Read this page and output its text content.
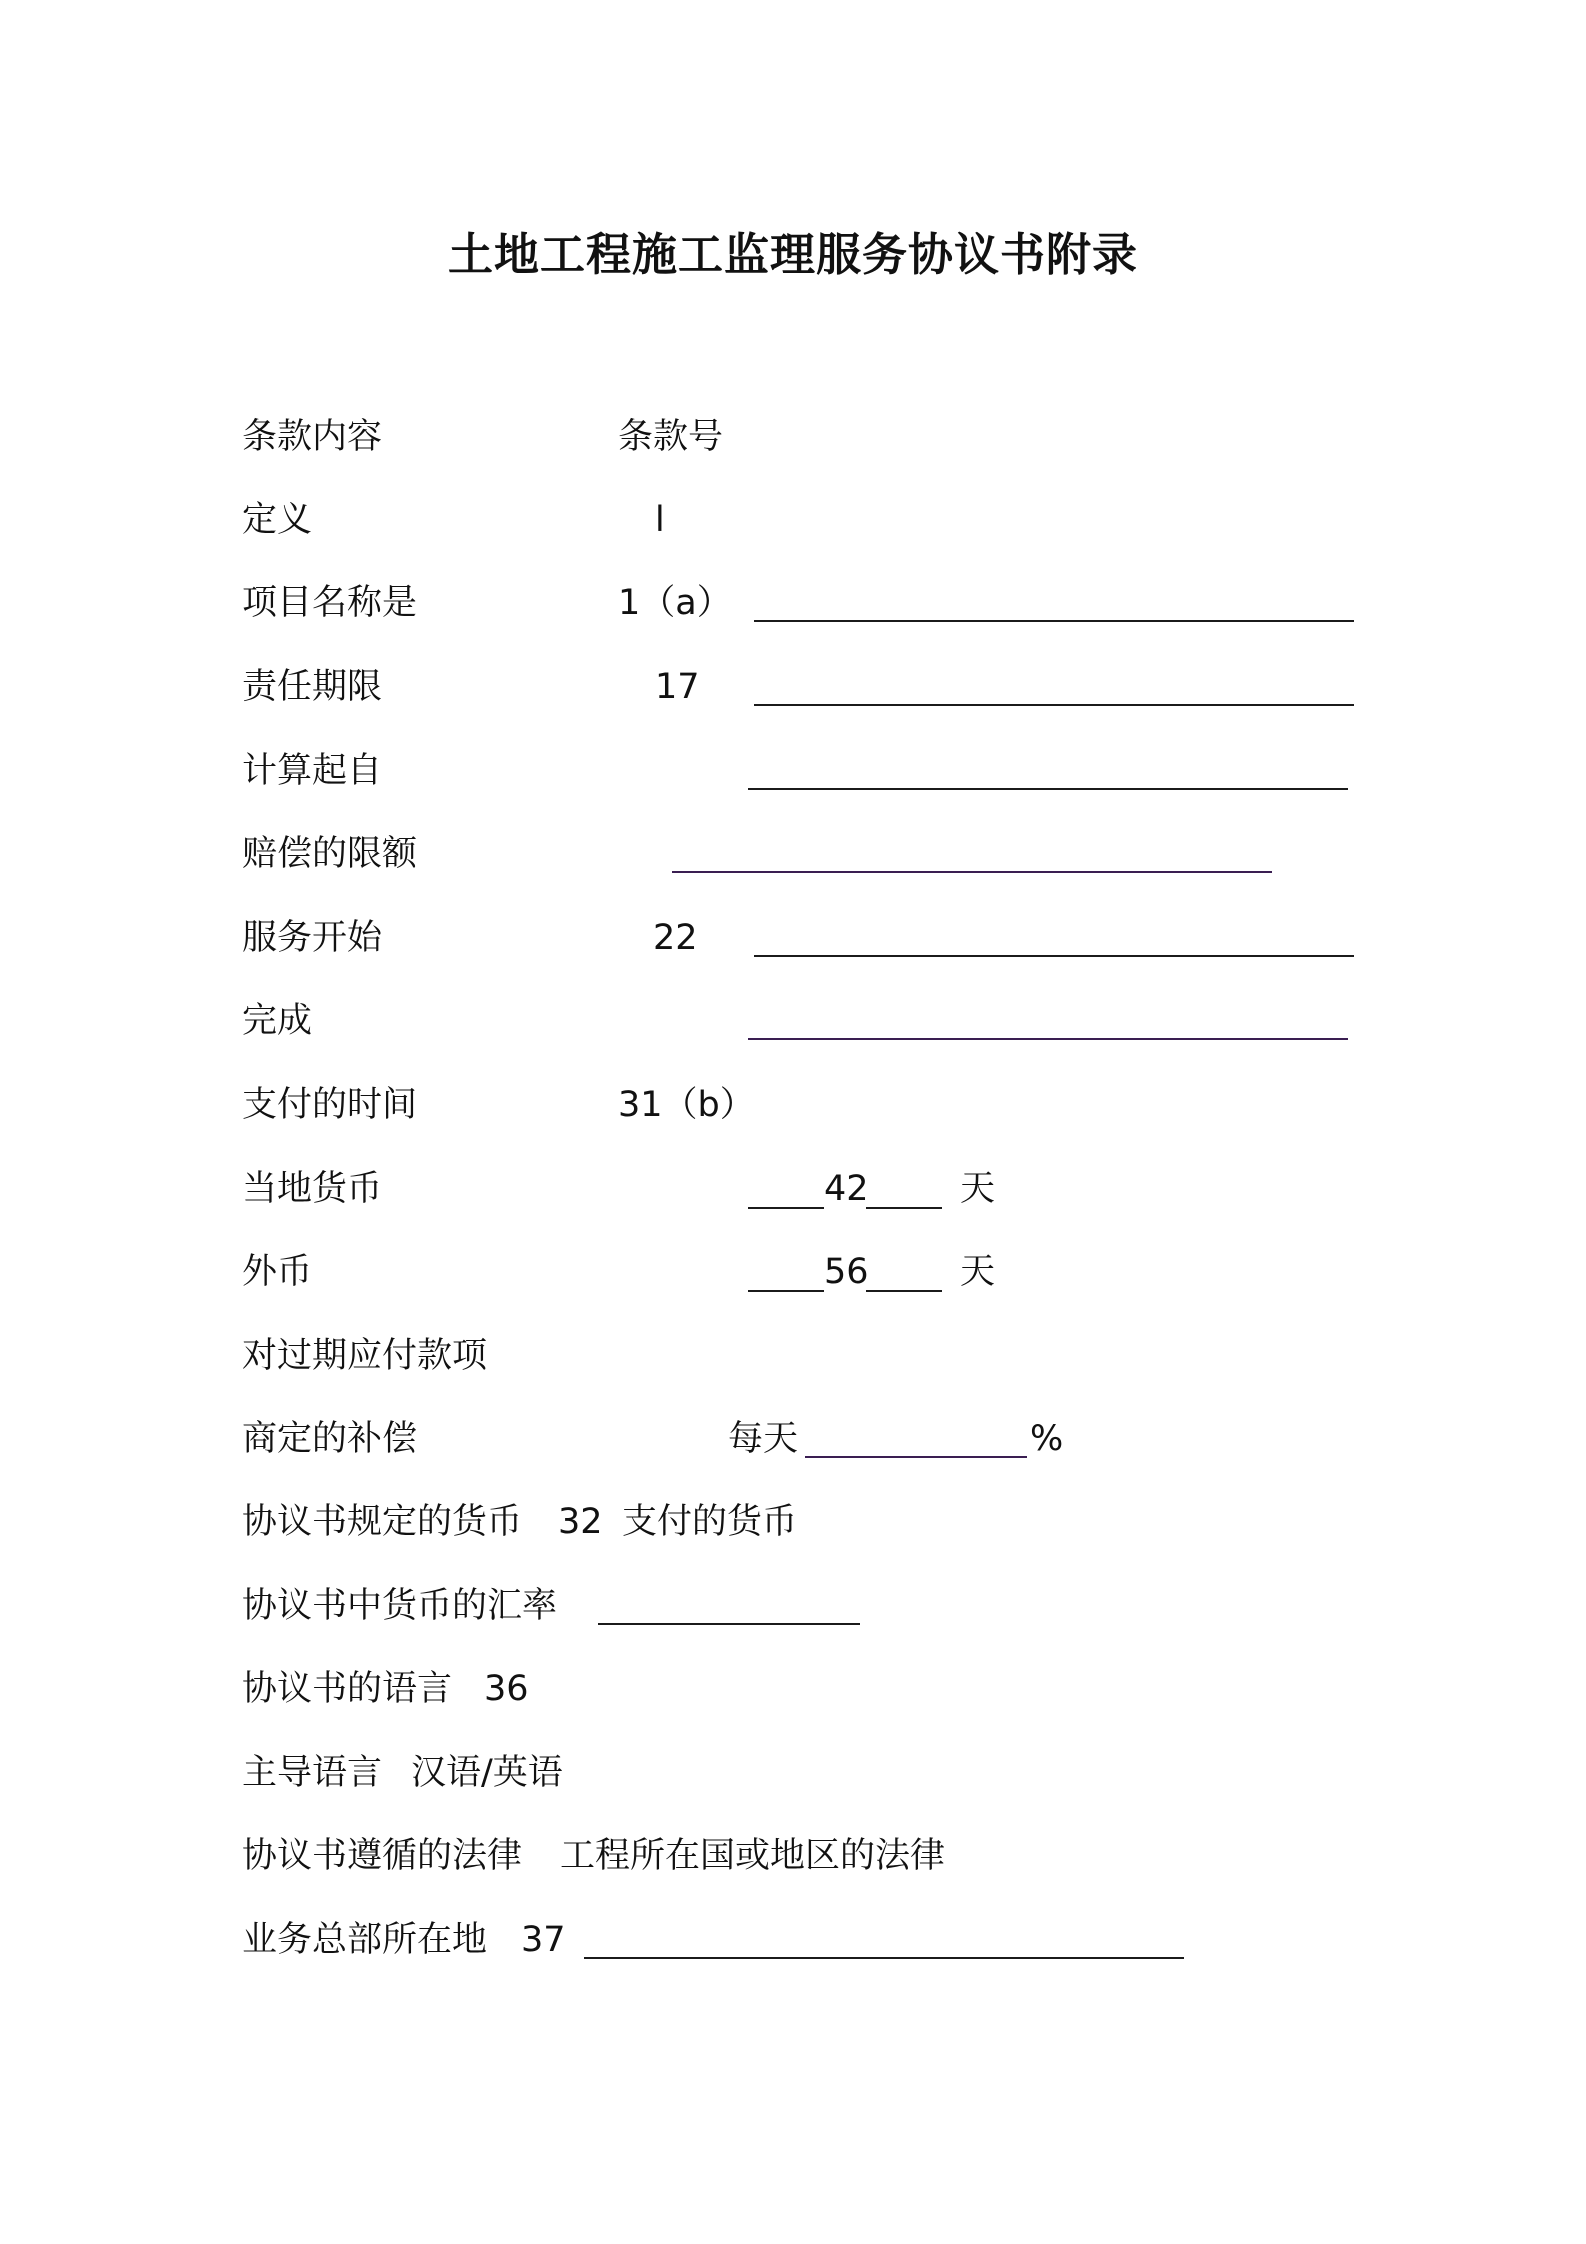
土地工程施工监理服务协议书附录
条款内容	条款号
定义	l
项目名称是	1（a）
责任期限	17
计算起自
赔偿的限额
服务开始	22
完成
支付的时间	31（b）
当地货币	42	天
外币	56	天
对过期应付款项
商定的补偿	每天	%
协议书规定的货币 32 支付的货币
协议书中货币的汇率
协议书的语言 36
主导语言 汉语/英语
协议书遵循的法律 工程所在国或地区的法律
业务总部所在地 37
